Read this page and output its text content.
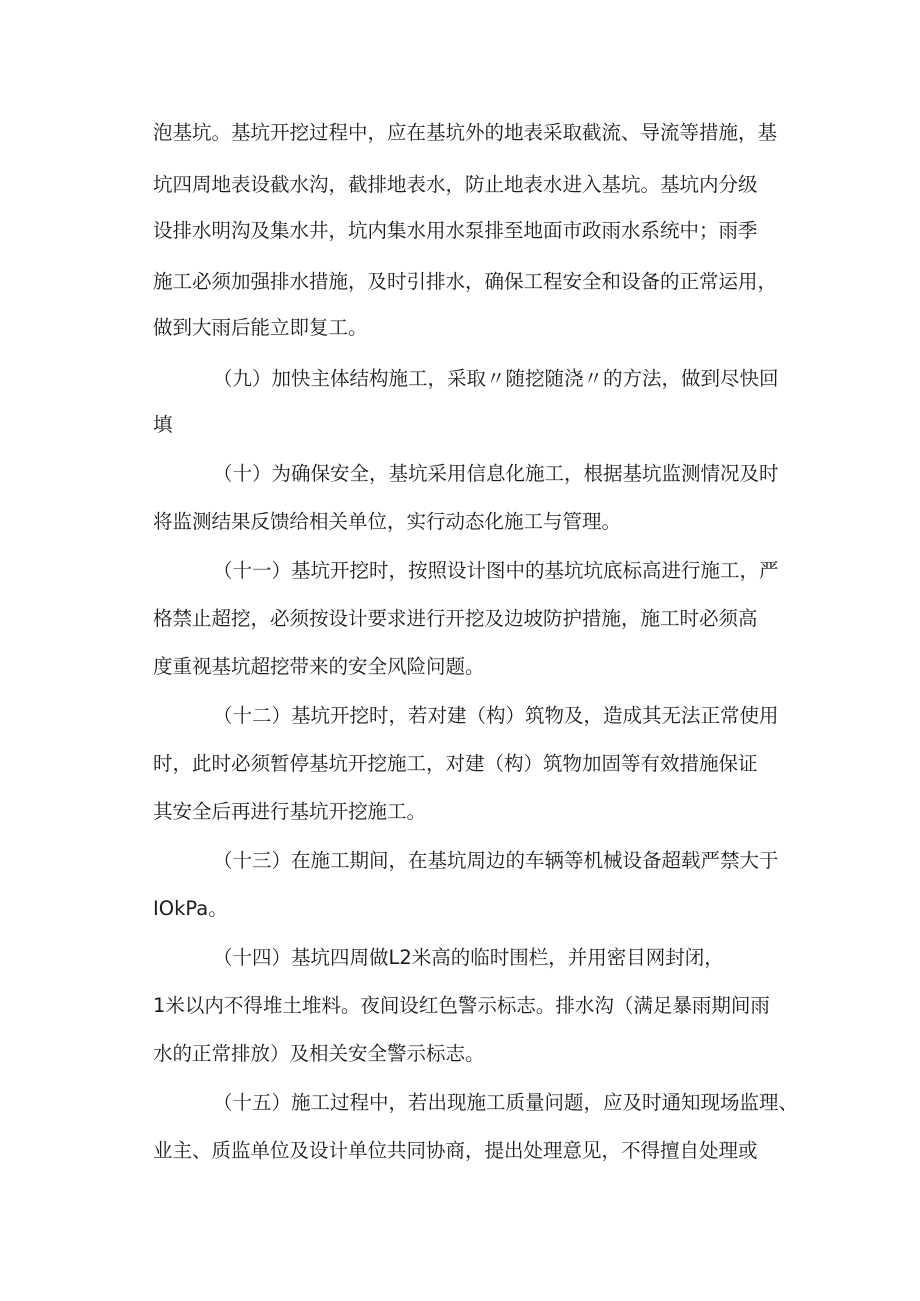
泡基坑。基坑开挖过程中，应在基坑外的地表采取截流、导流等措施，基

坑四周地表设截水沟，截排地表水，防止地表水进入基坑。基坑内分级

设排水明沟及集水井，坑内集水用水泵排至地面市政雨水系统中；雨季

施工必须加强排水措施，及时引排水，确保工程安全和设备的正常运用，

做到大雨后能立即复工。

（九）加快主体结构施工，采取〃随挖随浇〃的方法，做到尽快回

填

（十）为确保安全，基坑采用信息化施工，根据基坑监测情况及时

将监测结果反馈给相关单位，实行动态化施工与管理。

（十一）基坑开挖时，按照设计图中的基坑坑底标高进行施工，严

格禁止超挖，必须按设计要求进行开挖及边坡防护措施，施工时必须高

度重视基坑超挖带来的安全风险问题。

（十二）基坑开挖时，若对建（构）筑物及，造成其无法正常使用

时，此时必须暂停基坑开挖施工，对建（构）筑物加固等有效措施保证

其安全后再进行基坑开挖施工。

（十三）在施工期间，在基坑周边的车辆等机械设备超载严禁大于

IOkPa。

（十四）基坑四周做L2米高的临时围栏，并用密目网封闭，

1米以内不得堆土堆料。夜间设红色警示标志。排水沟（满足暴雨期间雨

水的正常排放）及相关安全警示标志。

（十五）施工过程中，若出现施工质量问题，应及时通知现场监理、

业主、质监单位及设计单位共同协商，提出处理意见，不得擅自处理或
